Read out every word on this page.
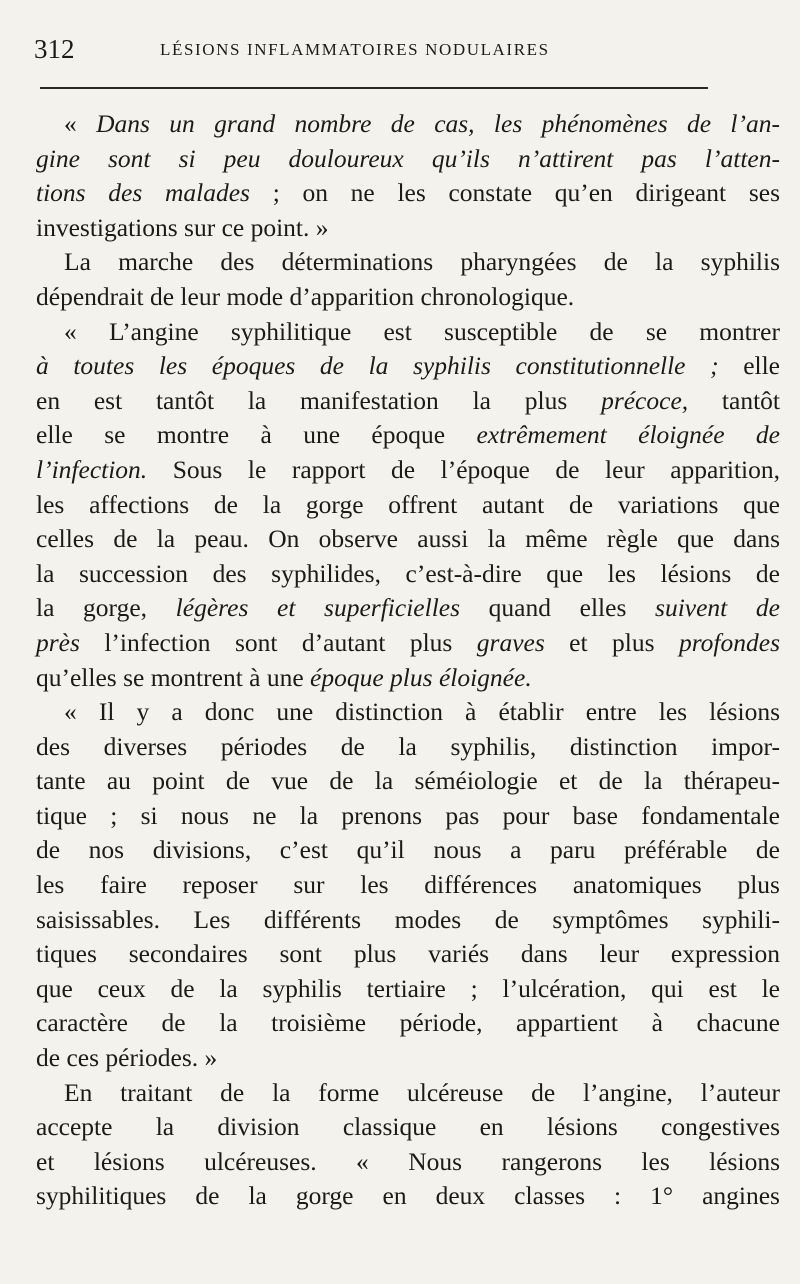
312	LÉSIONS INFLAMMATOIRES NODULAIRES
« Dans un grand nombre de cas, les phénomènes de l’an-
gine sont si peu douloureux qu’ils n’attirent pas l’atten-
tions des malades ; on ne les constate qu’en dirigeant ses
investigations sur ce point. »
La marche des déterminations pharyngées de la syphilis
dépendrait de leur mode d’apparition chronologique.
« L’angine syphilitique est susceptible de se montrer
à toutes les époques de la syphilis constitutionnelle ; elle
en est tantôt la manifestation la plus précoce, tantôt
elle se montre à une époque extrêmement éloignée de
l’infection. Sous le rapport de l’époque de leur apparition,
les affections de la gorge offrent autant de variations que
celles de la peau. On observe aussi la même règle que dans
la succession des syphilides, c’est-à-dire que les lésions de
la gorge, légères et superficielles quand elles suivent de
près l’infection sont d’autant plus graves et plus profondes
qu’elles se montrent à une époque plus éloignée.
« Il y a donc une distinction à établir entre les lésions
des diverses périodes de la syphilis, distinction impor-
tante au point de vue de la séméiologie et de la thérapeu-
tique ; si nous ne la prenons pas pour base fondamentale
de nos divisions, c’est qu’il nous a paru préférable de
les faire reposer sur les différences anatomiques plus
saisissables. Les différents modes de symptômes syphili-
tiques secondaires sont plus variés dans leur expression
que ceux de la syphilis tertiaire ; l’ulcération, qui est le
caractère de la troisième période, appartient à chacune
de ces périodes. »
En traitant de la forme ulcéreuse de l’angine, l’auteur
accepte la division classique en lésions congestives
et lésions ulcéreuses. « Nous rangerons les lésions
syphilitiques de la gorge en deux classes : 1° angines
